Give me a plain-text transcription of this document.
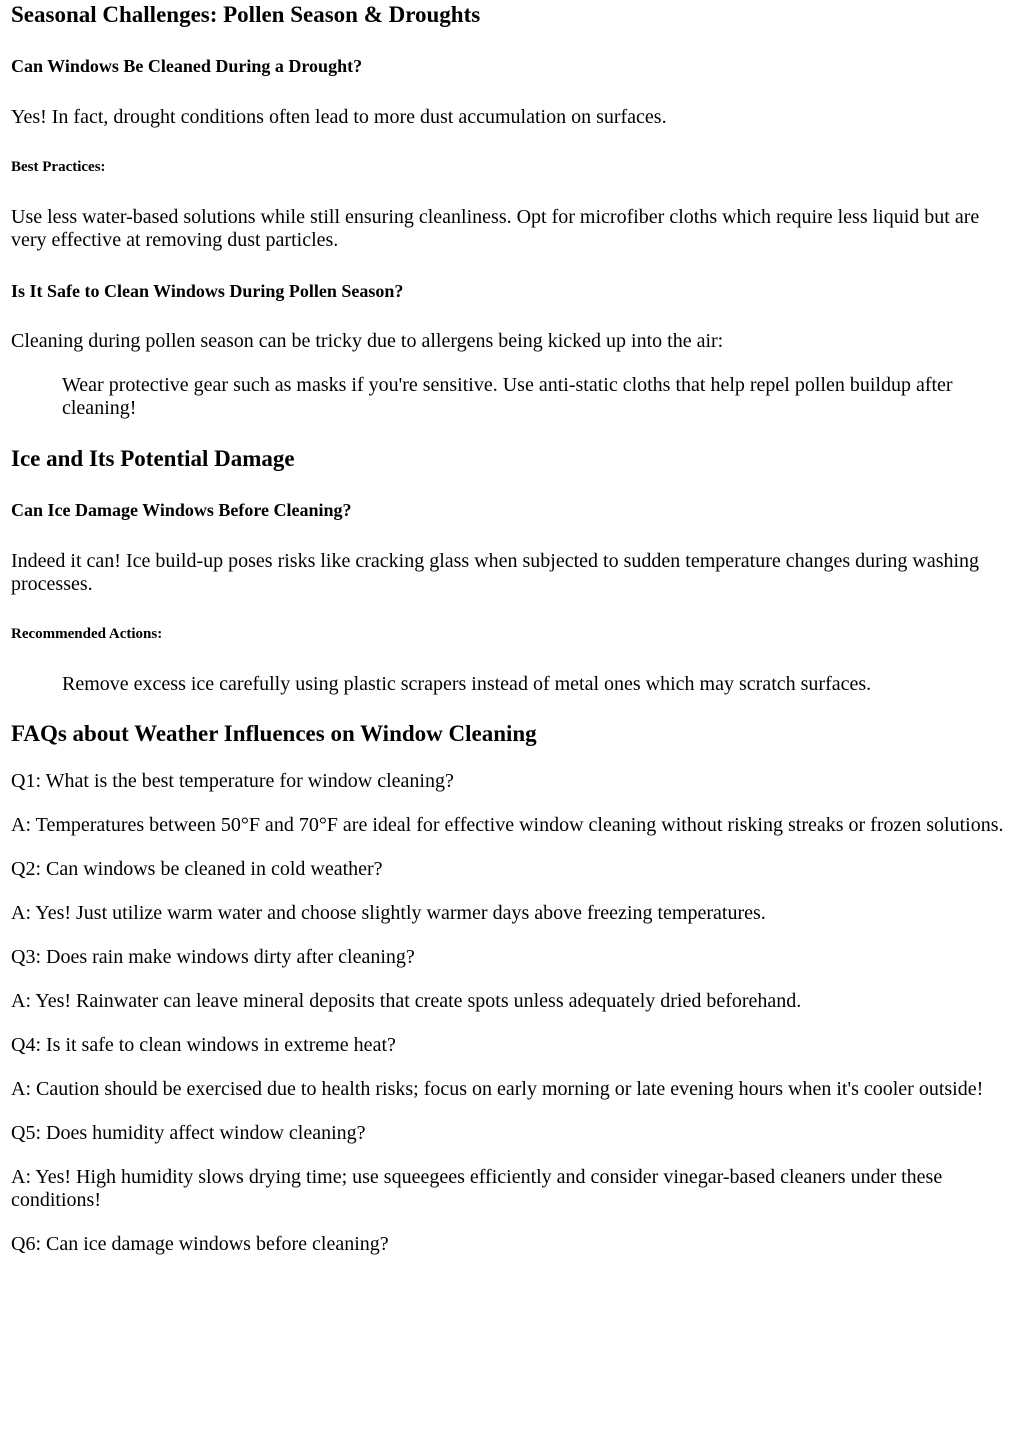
Seasonal Challenges: Pollen Season & Droughts
Can Windows Be Cleaned During a Drought?

Yes! In fact, drought conditions often lead to more dust accumulation on surfaces.

Best Practices:

Use less water-based solutions while still ensuring cleanliness. Opt for microfiber cloths which require less liquid but are very effective at removing dust particles.

Is It Safe to Clean Windows During Pollen Season?

Cleaning during pollen season can be tricky due to allergens being kicked up into the air:

Wear protective gear such as masks if you're sensitive. Use anti-static cloths that help repel pollen buildup after cleaning!

Ice and Its Potential Damage
Can Ice Damage Windows Before Cleaning?

Indeed it can! Ice build-up poses risks like cracking glass when subjected to sudden temperature changes during washing processes.

Recommended Actions:

Remove excess ice carefully using plastic scrapers instead of metal ones which may scratch surfaces.

FAQs about Weather Influences on Window Cleaning

Q1: What is the best temperature for window cleaning?

A: Temperatures between 50°F and 70°F are ideal for effective window cleaning without risking streaks or frozen solutions.

Q2: Can windows be cleaned in cold weather?

A: Yes! Just utilize warm water and choose slightly warmer days above freezing temperatures.

Q3: Does rain make windows dirty after cleaning?

A: Yes! Rainwater can leave mineral deposits that create spots unless adequately dried beforehand.

Q4: Is it safe to clean windows in extreme heat?

A: Caution should be exercised due to health risks; focus on early morning or late evening hours when it's cooler outside!

Q5: Does humidity affect window cleaning?

A: Yes! High humidity slows drying time; use squeegees efficiently and consider vinegar-based cleaners under these conditions!

Q6: Can ice damage windows before cleaning?
